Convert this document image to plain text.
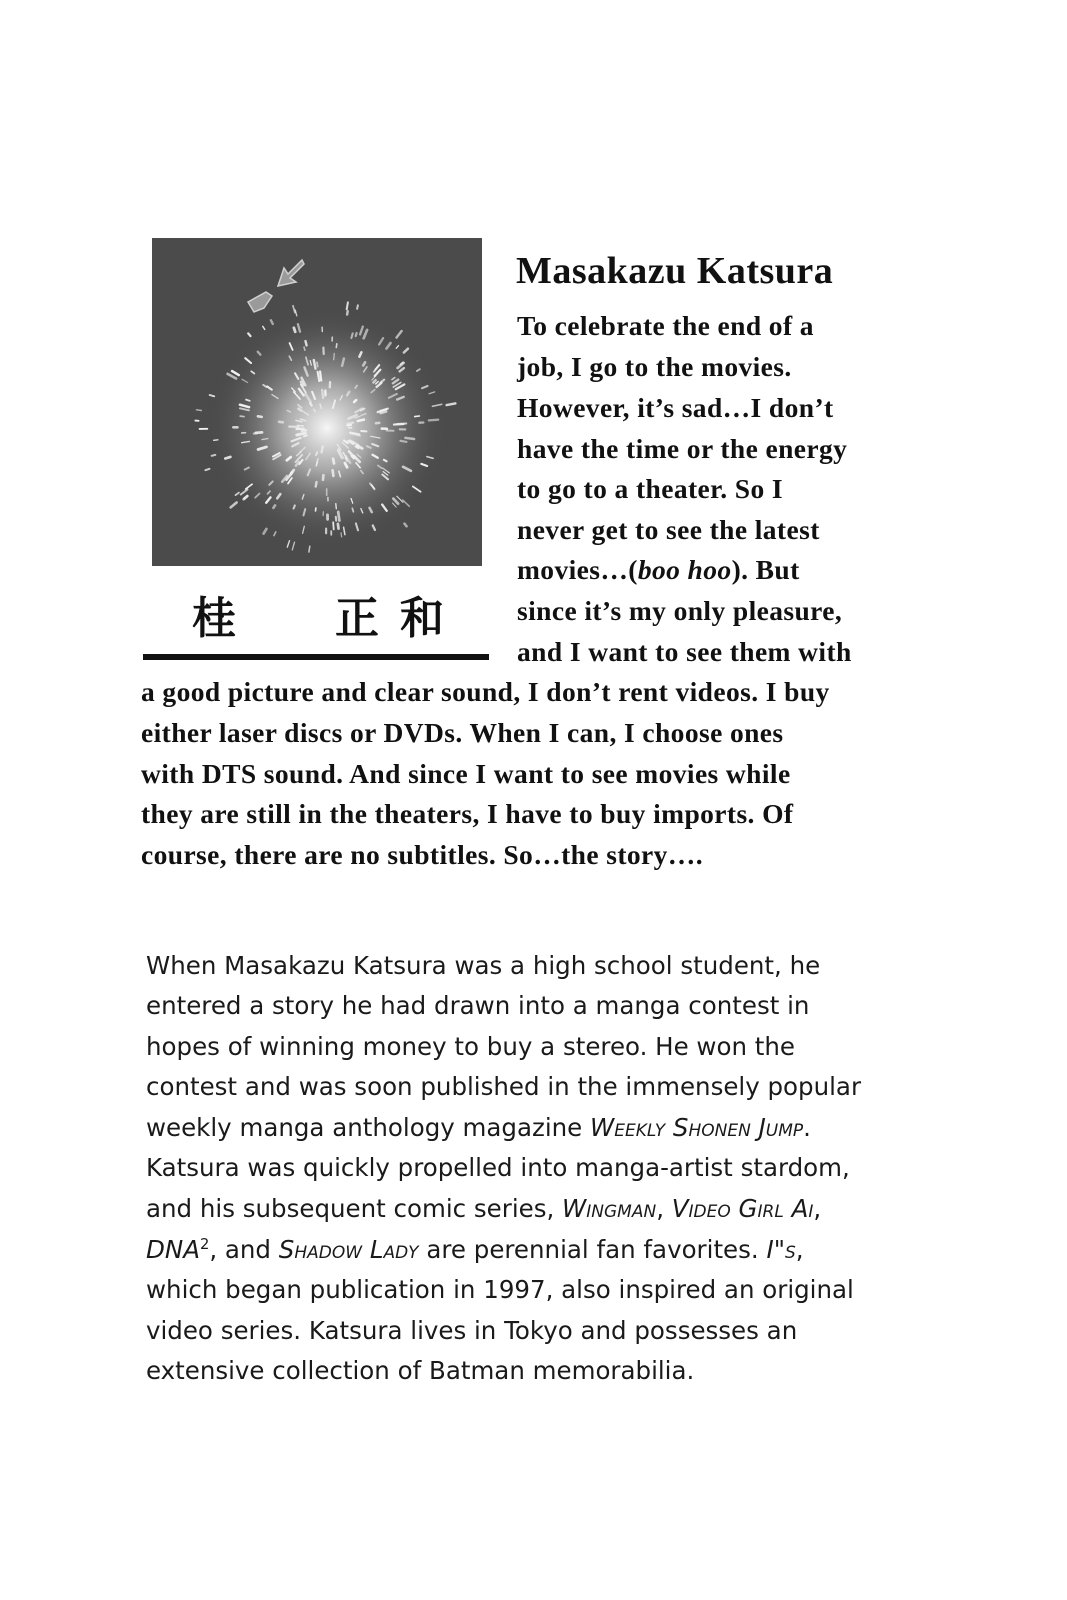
桂 正 和
Masakazu Katsura

To celebrate the end of a

job, I go to the movies.

However, it’s sad…I don’t

have the time or the energy

to go to a theater. So I

never get to see the latest

movies…(boo hoo). But

since it’s my only pleasure,

and I want to see them with

a good picture and clear sound, I don’t rent videos. I buy

either laser discs or DVDs. When I can, I choose ones

with DTS sound. And since I want to see movies while

they are still in the theaters, I have to buy imports. Of

course, there are no subtitles. So…the story….

When Masakazu Katsura was a high school student, he

entered a story he had drawn into a manga contest in

hopes of winning money to buy a stereo. He won the

contest and was soon published in the immensely popular

weekly manga anthology magazine Weekly Shonen Jump.

Katsura was quickly propelled into manga-artist stardom,

and his subsequent comic series, Wingman, Video Girl Ai,

DNA$^2$, and Shadow Lady are perennial fan favorites. I"s,

which began publication in 1997, also inspired an original

video series. Katsura lives in Tokyo and possesses an

extensive collection of Batman memorabilia.
